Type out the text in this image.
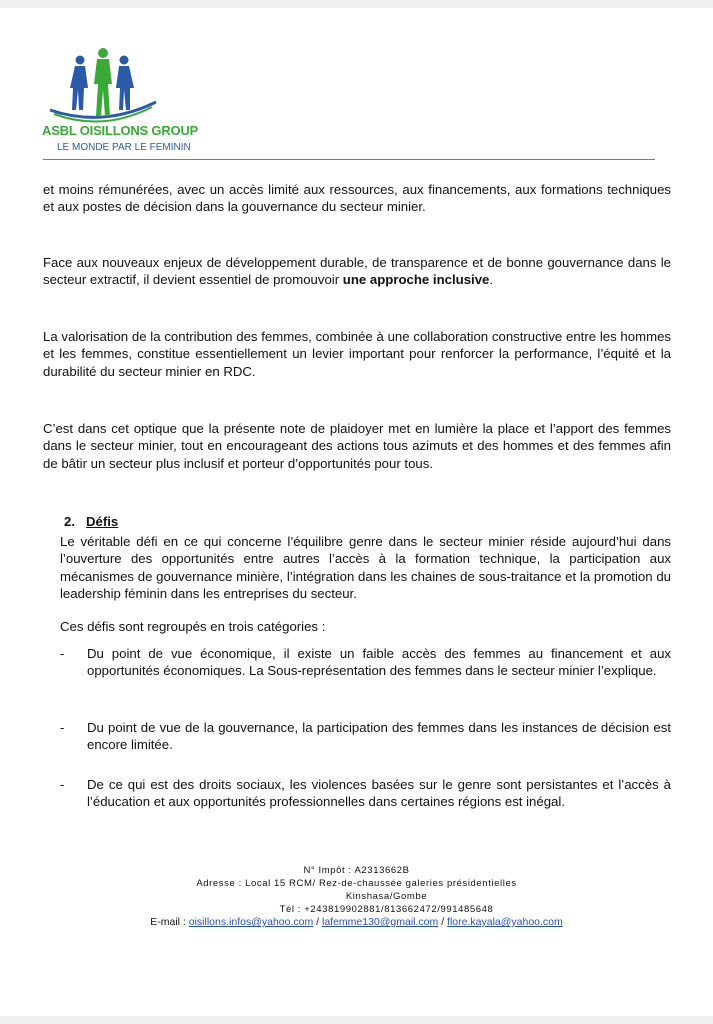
ASBL OISILLONS GROUP
LE MONDE PAR LE FEMININ

et moins rémunérées, avec un accès limité aux ressources, aux financements, aux formations techniques et aux postes de décision dans la gouvernance du secteur minier.

Face aux nouveaux enjeux de développement durable, de transparence et de bonne gouvernance dans le secteur extractif, il devient essentiel de promouvoir une approche inclusive.

La valorisation de la contribution des femmes, combinée à une collaboration constructive entre les hommes et les femmes, constitue essentiellement un levier important pour renforcer la performance, l’équité et la durabilité du secteur minier en RDC.

C’est dans cet optique que la présente note de plaidoyer met en lumière la place et l’apport des femmes dans le secteur minier, tout en encourageant des actions tous azimuts et des hommes et des femmes afin de bâtir un secteur plus inclusif et porteur d’opportunités pour tous.

2. Défis

Le véritable défi en ce qui concerne l’équilibre genre dans le secteur minier réside aujourd’hui dans l’ouverture des opportunités entre autres l’accès à la formation technique, la participation aux mécanismes de gouvernance minière, l’intégration dans les chaines de sous-traitance et la promotion du leadership féminin dans les entreprises du secteur.

Ces défis sont regroupés en trois catégories :

- Du point de vue économique, il existe un faible accès des femmes au financement et aux opportunités économiques. La Sous-représentation des femmes dans le secteur minier l’explique.
- Du point de vue de la gouvernance, la participation des femmes dans les instances de décision est encore limitée.
- De ce qui est des droits sociaux, les violences basées sur le genre sont persistantes et l’accès à l’éducation et aux opportunités professionnelles dans certaines régions est inégal.
N° Impôt : A2313662B
Adresse : Local 15 RCM/ Rez-de-chaussée galeries présidentielles
Kinshasa/Gombe
Tél : +243819902881/813662472/991485648
E-mail : oisillons.infos@yahoo.com / lafemme130@gmail.com / flore.kayala@yahoo.com
